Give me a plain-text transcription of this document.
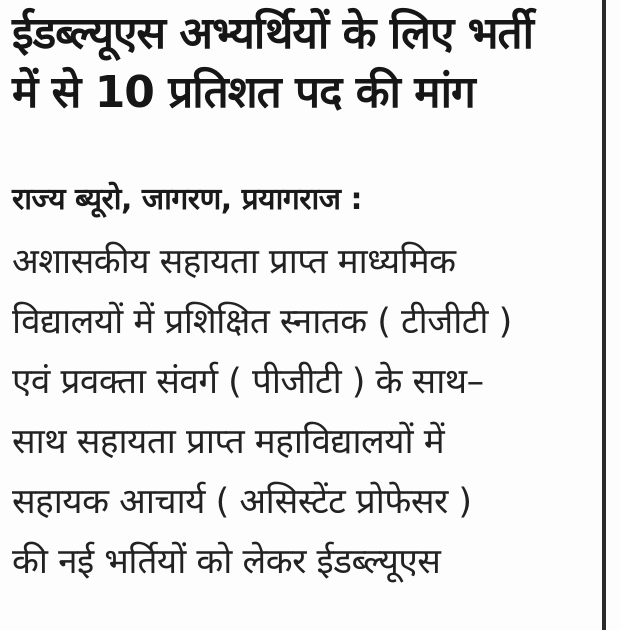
ईडब्ल्यूएस अभ्यर्थियों के लिए भर्ती
में से 10 प्रतिशत पद की मांग
राज्य ब्यूरो, जागरण, प्रयागराज :
अशासकीय सहायता प्राप्त माध्यमिक
विद्यालयों में प्रशिक्षित स्नातक ( टीजीटी )
एवं प्रवक्ता संवर्ग ( पीजीटी ) के साथ–
साथ सहायता प्राप्त महाविद्यालयों में
सहायक आचार्य ( असिस्टेंट प्रोफेसर )
की नई भर्तियों को लेकर ईडब्ल्यूएस
